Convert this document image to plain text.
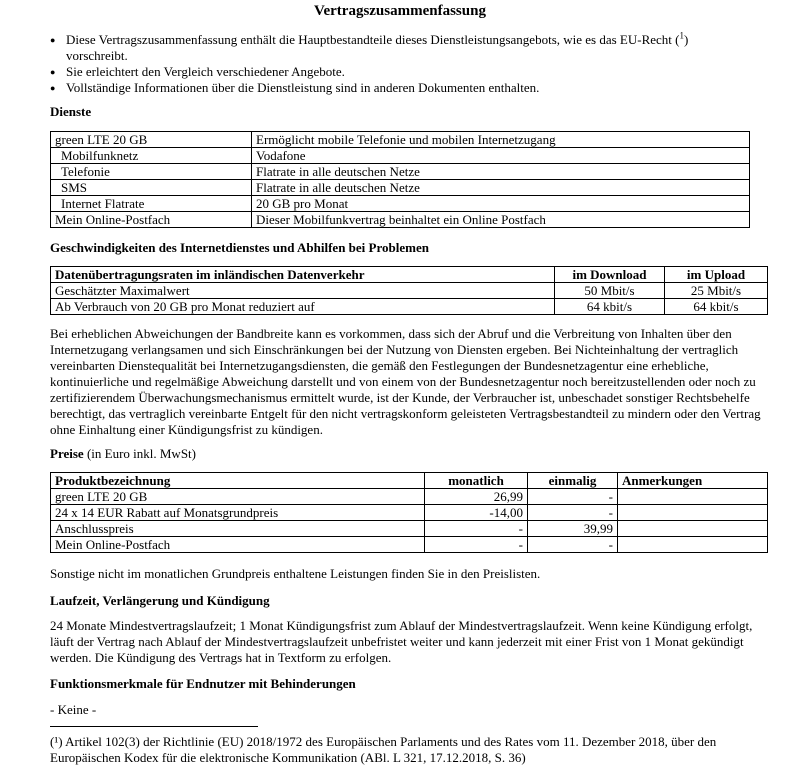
Vertragszusammenfassung
● Diese Vertragszusammenfassung enthält die Hauptbestandteile dieses Dienstleistungsangebots, wie es das EU-Recht ($^1$) vorschreibt.
● Sie erleichtert den Vergleich verschiedener Angebote.
● Vollständige Informationen über die Dienstleistung sind in anderen Dokumenten enthalten.
Dienste
green LTE 20 GB	Ermöglicht mobile Telefonie und mobilen Internetzugang
Mobilfunknetz	Vodafone
Telefonie	Flatrate in alle deutschen Netze
SMS	Flatrate in alle deutschen Netze
Internet Flatrate	20 GB pro Monat
Mein Online-Postfach	Dieser Mobilfunkvertrag beinhaltet ein Online Postfach
Geschwindigkeiten des Internetdienstes und Abhilfen bei Problemen
Datenübertragungsraten im inländischen Datenverkehr	im Download	im Upload
Geschätzter Maximalwert	50 Mbit/s	25 Mbit/s
Ab Verbrauch von 20 GB pro Monat reduziert auf	64 kbit/s	64 kbit/s

Bei erheblichen Abweichungen der Bandbreite kann es vorkommen, dass sich der Abruf und die Verbreitung von Inhalten über den Internetzugang verlangsamen und sich Einschränkungen bei der Nutzung von Diensten ergeben. Bei Nichteinhaltung der vertraglich vereinbarten Dienstequalität bei Internetzugangsdiensten, die gemäß den Festlegungen der Bundesnetzagentur eine erhebliche, kontinuierliche und regelmäßige Abweichung darstellt und von einem von der Bundesnetzagentur noch bereitzustellenden oder noch zu zertifizierendem Überwachungsmechanismus ermittelt wurde, ist der Kunde, der Verbraucher ist, unbeschadet sonstiger Rechtsbehelfe berechtigt, das vertraglich vereinbarte Entgelt für den nicht vertragskonform geleisteten Vertragsbestandteil zu mindern oder den Vertrag ohne Einhaltung einer Kündigungsfrist zu kündigen.

Preise (in Euro inkl. MwSt)
Produktbezeichnung	monatlich	einmalig	Anmerkungen
green LTE 20 GB	26,99	-	
24 x 14 EUR Rabatt auf Monatsgrundpreis	-14,00	-	
Anschlusspreis	-	39,99	
Mein Online-Postfach	-	-	

Sonstige nicht im monatlichen Grundpreis enthaltene Leistungen finden Sie in den Preislisten.

Laufzeit, Verlängerung und Kündigung

24 Monate Mindestvertragslaufzeit; 1 Monat Kündigungsfrist zum Ablauf der Mindestvertragslaufzeit. Wenn keine Kündigung erfolgt, läuft der Vertrag nach Ablauf der Mindestvertragslaufzeit unbefristet weiter und kann jederzeit mit einer Frist von 1 Monat gekündigt werden. Die Kündigung des Vertrags hat in Textform zu erfolgen.

Funktionsmerkmale für Endnutzer mit Behinderungen

- Keine -

(¹) Artikel 102(3) der Richtlinie (EU) 2018/1972 des Europäischen Parlaments und des Rates vom 11. Dezember 2018, über den Europäischen Kodex für die elektronische Kommunikation (ABl. L 321, 17.12.2018, S. 36)
